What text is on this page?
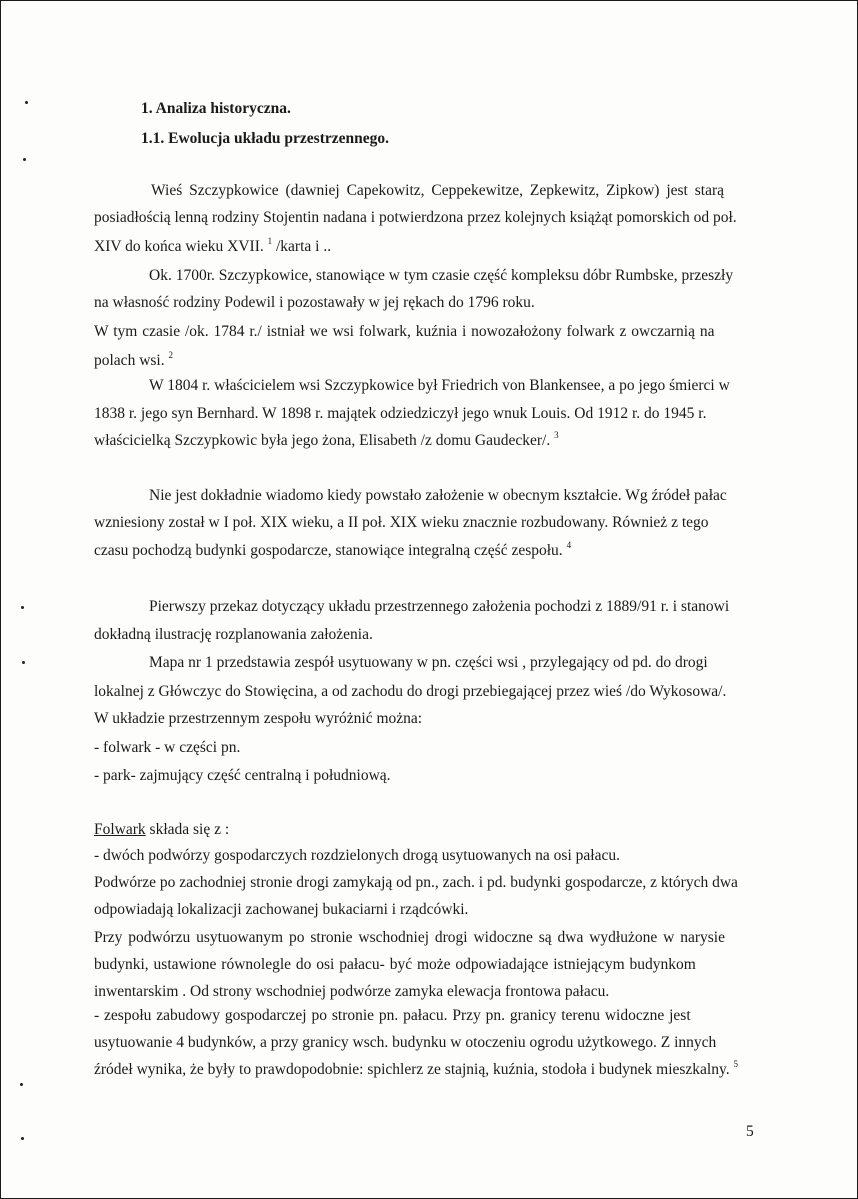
1. Analiza historyczna.
1.1. Ewolucja układu przestrzennego.
Wieś Szczypkowice (dawniej Capekowitz, Ceppekewitze, Zepkewitz, Zipkow) jest starą
posiadłością lenną rodziny Stojentin nadana i potwierdzona przez kolejnych książąt pomorskich od poł.
XIV do końca wieku XVII. $^1$ /karta i ..
Ok. 1700r. Szczypkowice, stanowiące w tym czasie część kompleksu dóbr Rumbske, przeszły
na własność rodziny Podewil i pozostawały w jej rękach do 1796 roku.
W tym czasie /ok. 1784 r./ istniał we wsi folwark, kuźnia i nowozałożony folwark z owczarnią na
polach wsi. $^2$
W 1804 r. właścicielem wsi Szczypkowice był Friedrich von Blankensee, a po jego śmierci w
1838 r. jego syn Bernhard. W 1898 r. majątek odziedziczył jego wnuk Louis. Od 1912 r. do 1945 r.
właścicielką Szczypkowic była jego żona, Elisabeth /z domu Gaudecker/. $^3$
Nie jest dokładnie wiadomo kiedy powstało założenie w obecnym kształcie. Wg źródeł pałac
wzniesiony został w I poł. XIX wieku, a II poł. XIX wieku znacznie rozbudowany. Również z tego
czasu pochodzą budynki gospodarcze, stanowiące integralną część zespołu. $^4$
Pierwszy przekaz dotyczący układu przestrzennego założenia pochodzi z 1889/91 r. i stanowi
dokładną ilustrację rozplanowania założenia.
Mapa nr 1 przedstawia zespół usytuowany w pn. części wsi , przylegający od pd. do drogi
lokalnej z Główczyc do Stowięcina, a od zachodu do drogi przebiegającej przez wieś /do Wykosowa/.
W układzie przestrzennym zespołu wyróżnić można:
- folwark - w części pn.
- park- zajmujący część centralną i południową.
Folwark składa się z :
- dwóch podwórzy gospodarczych rozdzielonych drogą usytuowanych na osi pałacu.
Podwórze po zachodniej stronie drogi zamykają od pn., zach. i pd. budynki gospodarcze, z których dwa
odpowiadają lokalizacji zachowanej bukaciarni i rządcówki.
Przy podwórzu usytuowanym po stronie wschodniej drogi widoczne są dwa wydłużone w narysie
budynki, ustawione równolegle do osi pałacu- być może odpowiadające istniejącym budynkom
inwentarskim . Od strony wschodniej podwórze zamyka elewacja frontowa pałacu.
- zespołu zabudowy gospodarczej po stronie pn. pałacu. Przy pn. granicy terenu widoczne jest
usytuowanie 4 budynków, a przy granicy wsch. budynku w otoczeniu ogrodu użytkowego. Z innych
źródeł wynika, że były to prawdopodobnie: spichlerz ze stajnią, kuźnia, stodoła i budynek mieszkalny. $^5$
5
